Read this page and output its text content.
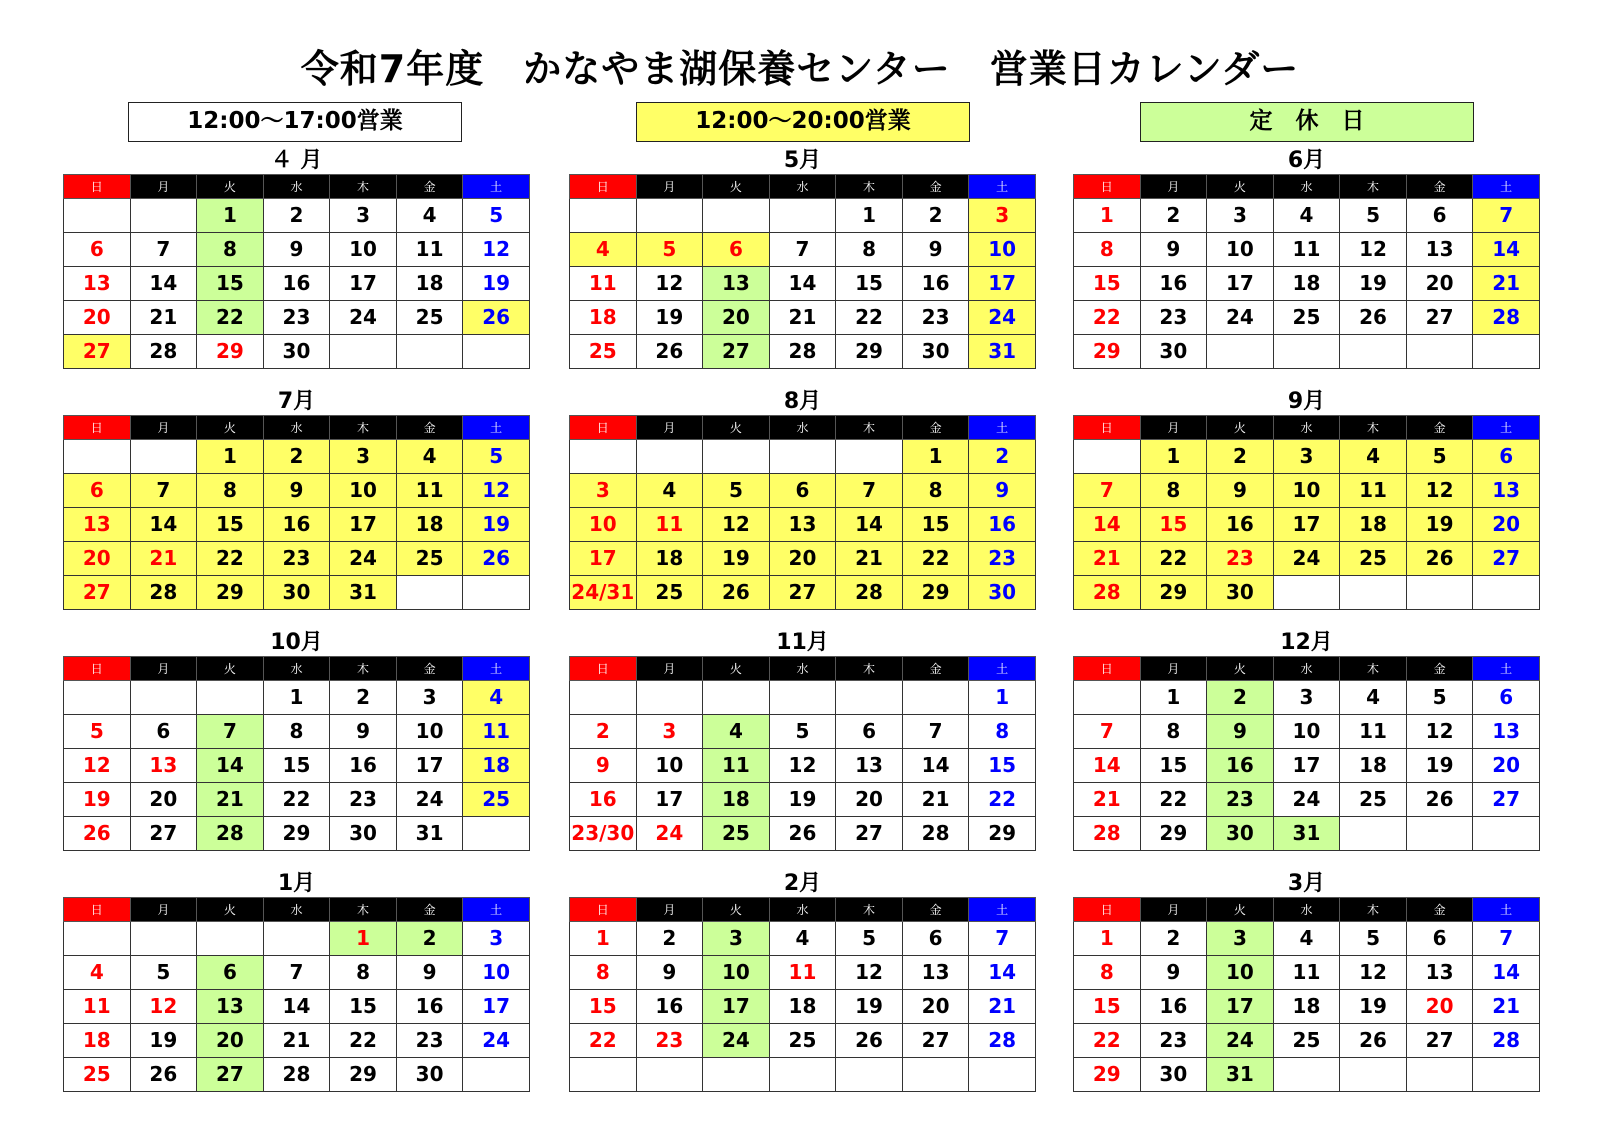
令和7年度　かなやま湖保養センター　営業日カレンダー
12:00～17:00営業	12:00～20:00営業	定　休　日
４ 月
日	月	火	水	木	金	土
		1	2	3	4	5
6	7	8	9	10	11	12
13	14	15	16	17	18	19
20	21	22	23	24	25	26
27	28	29	30			
5月
日	月	火	水	木	金	土
				1	2	3
4	5	6	7	8	9	10
11	12	13	14	15	16	17
18	19	20	21	22	23	24
25	26	27	28	29	30	31
6月
日	月	火	水	木	金	土
1	2	3	4	5	6	7
8	9	10	11	12	13	14
15	16	17	18	19	20	21
22	23	24	25	26	27	28
29	30					
7月
日	月	火	水	木	金	土
		1	2	3	4	5
6	7	8	9	10	11	12
13	14	15	16	17	18	19
20	21	22	23	24	25	26
27	28	29	30	31		
8月
日	月	火	水	木	金	土
					1	2
3	4	5	6	7	8	9
10	11	12	13	14	15	16
17	18	19	20	21	22	23
24/31	25	26	27	28	29	30
9月
日	月	火	水	木	金	土
	1	2	3	4	5	6
7	8	9	10	11	12	13
14	15	16	17	18	19	20
21	22	23	24	25	26	27
28	29	30				
10月
日	月	火	水	木	金	土
			1	2	3	4
5	6	7	8	9	10	11
12	13	14	15	16	17	18
19	20	21	22	23	24	25
26	27	28	29	30	31	
11月
日	月	火	水	木	金	土
						1
2	3	4	5	6	7	8
9	10	11	12	13	14	15
16	17	18	19	20	21	22
23/30	24	25	26	27	28	29
12月
日	月	火	水	木	金	土
	1	2	3	4	5	6
7	8	9	10	11	12	13
14	15	16	17	18	19	20
21	22	23	24	25	26	27
28	29	30	31			
1月
日	月	火	水	木	金	土
				1	2	3
4	5	6	7	8	9	10
11	12	13	14	15	16	17
18	19	20	21	22	23	24
25	26	27	28	29	30	
2月
日	月	火	水	木	金	土
1	2	3	4	5	6	7
8	9	10	11	12	13	14
15	16	17	18	19	20	21
22	23	24	25	26	27	28

3月
日	月	火	水	木	金	土
1	2	3	4	5	6	7
8	9	10	11	12	13	14
15	16	17	18	19	20	21
22	23	24	25	26	27	28
29	30	31				
